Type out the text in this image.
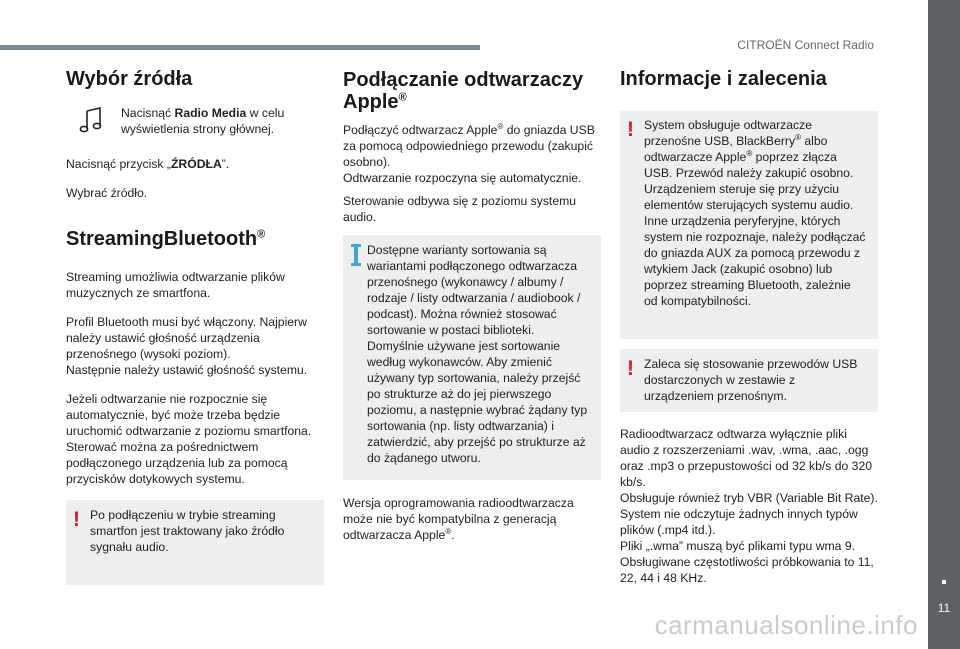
CITROËN Connect Radio
11
carmanualsonline.info
Wybór źródła

Nacisnąć Radio Media w celu wyświetlenia strony głównej.

Nacisnąć przycisk „ŹRÓDŁA”.

Wybrać źródło.

StreamingBluetooth®

Streaming umożliwia odtwarzanie plików muzycznych ze smartfona.

Profil Bluetooth musi być włączony. Najpierw należy ustawić głośność urządzenia przenośnego (wysoki poziom).
Następnie należy ustawić głośność systemu.

Jeżeli odtwarzanie nie rozpocznie się automatycznie, być może trzeba będzie uruchomić odtwarzanie z poziomu smartfona.
Sterować można za pośrednictwem podłączonego urządzenia lub za pomocą przycisków dotykowych systemu.

! Po podłączeniu w trybie streaming smartfon jest traktowany jako źródło sygnału audio.

Podłączanie odtwarzaczy
Apple®

Podłączyć odtwarzacz Apple® do gniazda USB za pomocą odpowiedniego przewodu (zakupić osobno).
Odtwarzanie rozpoczyna się automatycznie.

Sterowanie odbywa się z poziomu systemu audio.

Dostępne warianty sortowania są wariantami podłączonego odtwarzacza przenośnego (wykonawcy / albumy / rodzaje / listy odtwarzania / audiobook / podcast). Można również stosować sortowanie w postaci biblioteki.
Domyślnie używane jest sortowanie według wykonawców. Aby zmienić używany typ sortowania, należy przejść po strukturze aż do jej pierwszego poziomu, a następnie wybrać żądany typ sortowania (np. listy odtwarzania) i zatwierdzić, aby przejść po strukturze aż do żądanego utworu.

Wersja oprogramowania radioodtwarzacza może nie być kompatybilna z generacją odtwarzacza Apple®.

Informacje i zalecenia
! System obsługuje odtwarzacze przenośne USB, BlackBerry® albo odtwarzacze Apple® poprzez złącza USB. Przewód należy zakupić osobno.
Urządzeniem steruje się przy użyciu elementów sterujących systemu audio.
Inne urządzenia peryferyjne, których system nie rozpoznaje, należy podłączać do gniazda AUX za pomocą przewodu z wtykiem Jack (zakupić osobno) lub poprzez streaming Bluetooth, zależnie od kompatybilności.

! Zaleca się stosowanie przewodów USB dostarczonych w zestawie z urządzeniem przenośnym.

Radioodtwarzacz odtwarza wyłącznie pliki audio z rozszerzeniami .wav, .wma, .aac, .ogg oraz .mp3 o przepustowości od 32 kb/s do 320 kb/s.
Obsługuje również tryb VBR (Variable Bit Rate).
System nie odczytuje żadnych innych typów plików (.mp4 itd.).
Pliki „.wma” muszą być plikami typu wma 9.
Obsługiwane częstotliwości próbkowania to 11, 22, 44 i 48 KHz.
